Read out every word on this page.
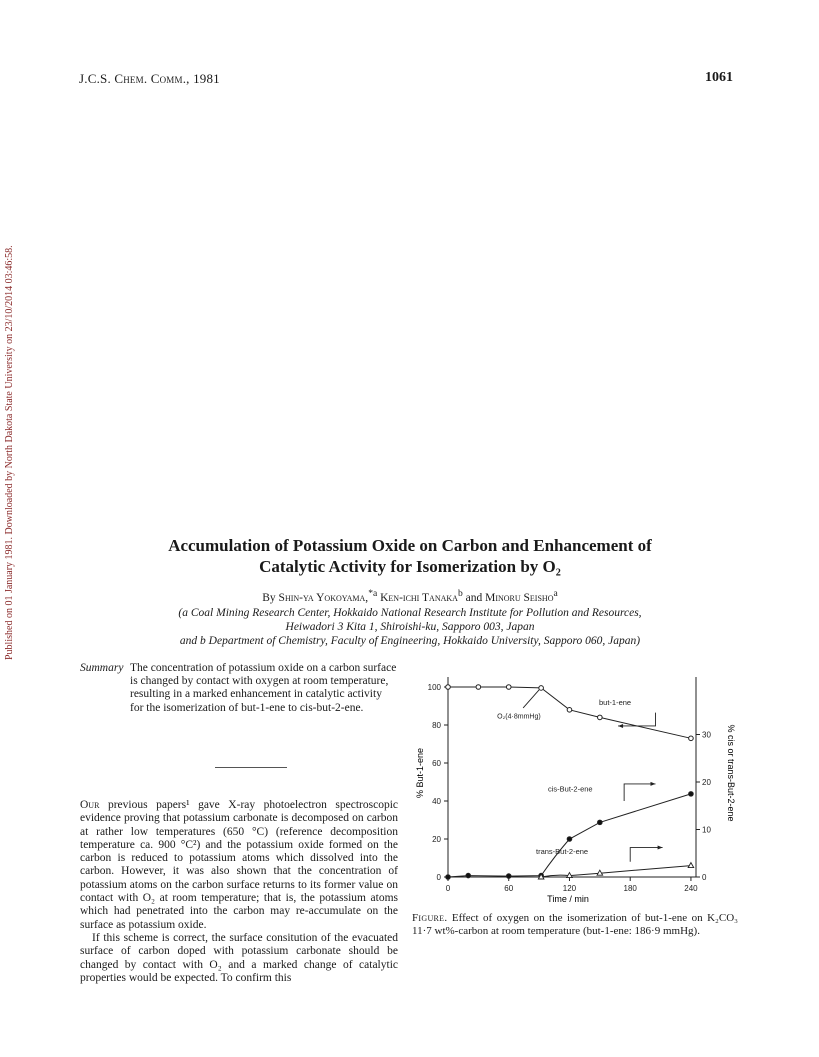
J.C.S. Chem. Comm., 1981	1061
Published on 01 January 1981. Downloaded by North Dakota State University on 23/10/2014 03:46:58.	Accumulation of Potassium Oxide on Carbon and Enhancement of
Catalytic Activity for Isomerization by O₂
By Shin-ya Yokoyama,$^{*a}$ Ken-ichi Tanaka$^b$ and Minoru Seisho$^a$
(a Coal Mining Research Center, Hokkaido National Research Institute for Pollution and Resources,
Heiwadori 3 Kita 1, Shiroishi-ku, Sapporo 003, Japan
and b Department of Chemistry, Faculty of Engineering, Hokkaido University, Sapporo 060, Japan)
Summary The concentration of potassium oxide on a carbon surface is changed by contact with oxygen at room temperature, resulting in a marked enhancement in catalytic activity for the isomerization of but-1-ene to cis-but-2-ene.

Our previous papers¹ gave X-ray photoelectron spectroscopic evidence proving that potassium carbonate is decomposed on carbon at rather low temperatures (650 °C) (reference decomposition temperature ca. 900 °C²) and the potassium oxide formed on the carbon is reduced to potassium atoms which dissolved into the carbon. However, it was also shown that the concentration of potassium atoms on the carbon surface returns to its former value on contact with O₂ at room temperature; that is, the potassium atoms which had penetrated into the carbon may re-accumulate on the surface as potassium oxide.

If this scheme is correct, the surface consitution of the evacuated surface of carbon doped with potassium carbonate should be changed by contact with O₂ and a marked change of catalytic properties would be expected. To confirm this

0	60	120	180	240
0
20
40
60
80
100
0
10
20
30
but-1-ene
cis-But-2-ene
trans-But-2-ene
O₂(4·8mmHg)
% But-1-ene	% cis or trans-But-2-ene
Time / min
Figure. Effect of oxygen on the isomerization of but-1-ene on K₂CO₃ 11·7 wt%-carbon at room temperature (but-1-ene: 186·9 mmHg).
